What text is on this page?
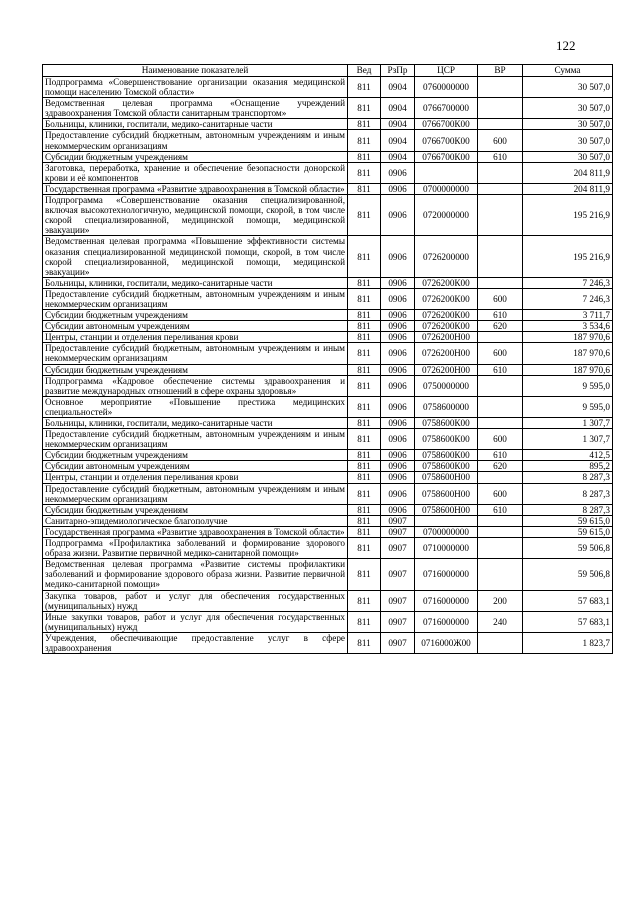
122
Наименование показателей	Вед	РзПр	ЦСР	ВР	Сумма
Подпрограмма «Совершенствование организации оказания медицинской помощи населению Томской области»	811	0904	0760000000		30 507,0
Ведомственная целевая программа «Оснащение учреждений здравоохранения Томской области санитарным транспортом»	811	0904	0766700000		30 507,0
Больницы, клиники, госпитали, медико-санитарные части	811	0904	0766700К00		30 507,0
Предоставление субсидий бюджетным, автономным учреждениям и иным некоммерческим организациям	811	0904	0766700К00	600	30 507,0
Субсидии бюджетным учреждениям	811	0904	0766700К00	610	30 507,0
Заготовка, переработка, хранение и обеспечение безопасности донорской крови и её компонентов	811	0906			204 811,9
Государственная программа «Развитие здравоохранения в Томской области»	811	0906	0700000000		204 811,9
Подпрограмма «Совершенствование оказания специализированной, включая высокотехнологичную, медицинской помощи, скорой, в том числе скорой специализированной, медицинской помощи, медицинской эвакуации»	811	0906	0720000000		195 216,9
Ведомственная целевая программа «Повышение эффективности системы оказания специализированной медицинской помощи, скорой, в том числе скорой специализированной, медицинской помощи, медицинской эвакуации»	811	0906	0726200000		195 216,9
Больницы, клиники, госпитали, медико-санитарные части	811	0906	0726200К00		7 246,3
Предоставление субсидий бюджетным, автономным учреждениям и иным некоммерческим организациям	811	0906	0726200К00	600	7 246,3
Субсидии бюджетным учреждениям	811	0906	0726200К00	610	3 711,7
Субсидии автономным учреждениям	811	0906	0726200К00	620	3 534,6
Центры, станции и отделения переливания крови	811	0906	0726200Н00		187 970,6
Предоставление субсидий бюджетным, автономным учреждениям и иным некоммерческим организациям	811	0906	0726200Н00	600	187 970,6
Субсидии бюджетным учреждениям	811	0906	0726200Н00	610	187 970,6
Подпрограмма «Кадровое обеспечение системы здравоохранения и развитие международных отношений в сфере охраны здоровья»	811	0906	0750000000		9 595,0
Основное мероприятие «Повышение престижа медицинских специальностей»	811	0906	0758600000		9 595,0
Больницы, клиники, госпитали, медико-санитарные части	811	0906	0758600К00		1 307,7
Предоставление субсидий бюджетным, автономным учреждениям и иным некоммерческим организациям	811	0906	0758600К00	600	1 307,7
Субсидии бюджетным учреждениям	811	0906	0758600К00	610	412,5
Субсидии автономным учреждениям	811	0906	0758600К00	620	895,2
Центры, станции и отделения переливания крови	811	0906	0758600Н00		8 287,3
Предоставление субсидий бюджетным, автономным учреждениям и иным некоммерческим организациям	811	0906	0758600Н00	600	8 287,3
Субсидии бюджетным учреждениям	811	0906	0758600Н00	610	8 287,3
Санитарно-эпидемиологическое благополучие	811	0907			59 615,0
Государственная программа «Развитие здравоохранения в Томской области»	811	0907	0700000000		59 615,0
Подпрограмма «Профилактика заболеваний и формирование здорового образа жизни. Развитие первичной медико-санитарной помощи»	811	0907	0710000000		59 506,8
Ведомственная целевая программа «Развитие системы профилактики заболеваний и формирование здорового образа жизни. Развитие первичной медико-санитарной помощи»	811	0907	0716000000		59 506,8
Закупка товаров, работ и услуг для обеспечения государственных (муниципальных) нужд	811	0907	0716000000	200	57 683,1
Иные закупки товаров, работ и услуг для обеспечения государственных (муниципальных) нужд	811	0907	0716000000	240	57 683,1
Учреждения, обеспечивающие предоставление услуг в сфере здравоохранения	811	0907	0716000Ж00		1 823,7
